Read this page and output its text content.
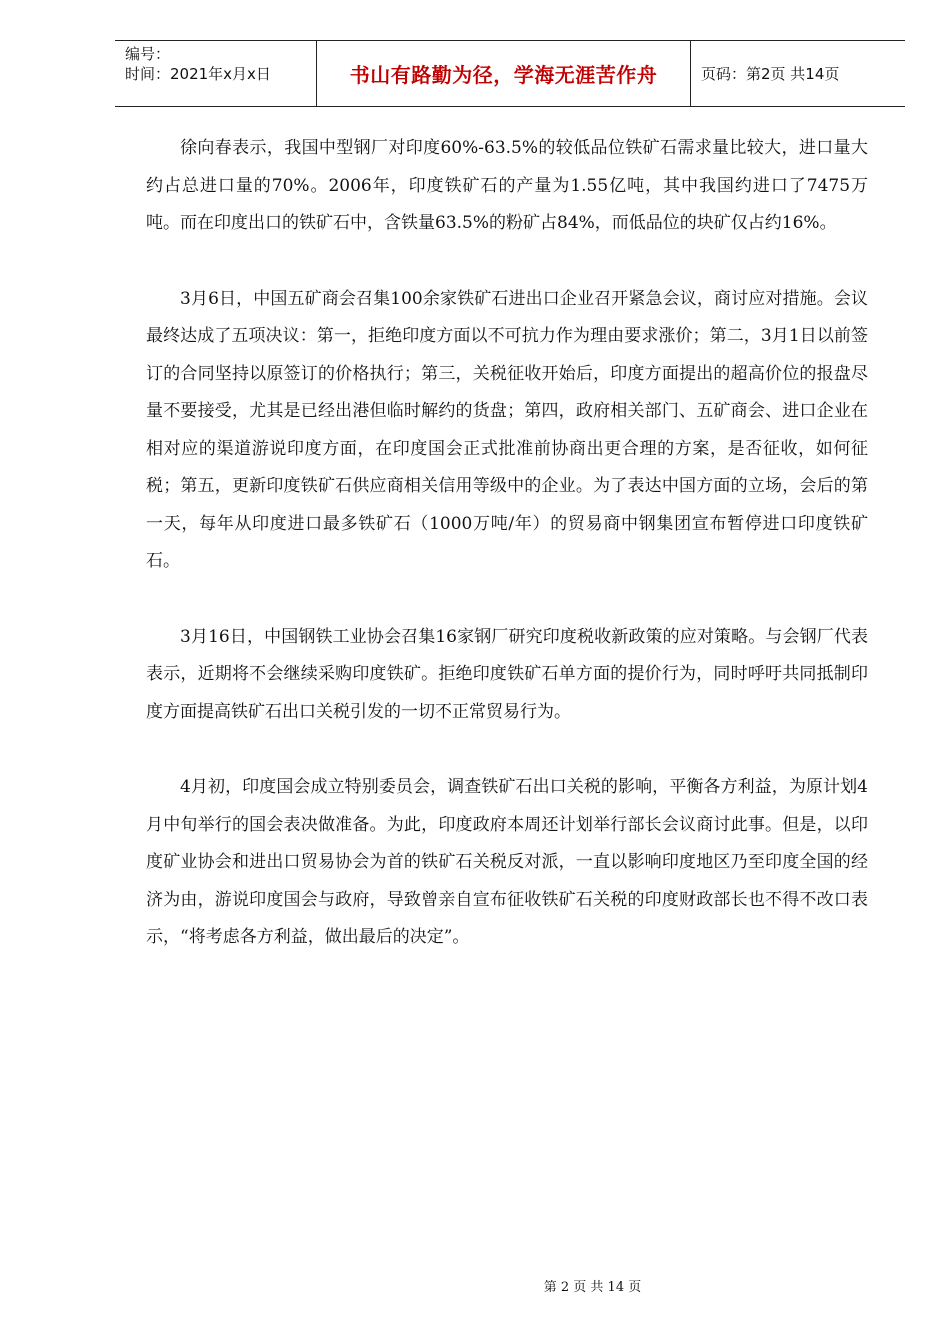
编号：
时间：2021年x月x日	书山有路勤为径，学海无涯苦作舟	页码：第2页 共14页

徐向春表示，我国中型钢厂对印度60%-63.5%的较低品位铁矿石需求量比较大，进口量大约占总进口量的70%。2006年，印度铁矿石的产量为1.55亿吨，其中我国约进口了7475万吨。而在印度出口的铁矿石中，含铁量63.5%的粉矿占84%，而低品位的块矿仅占约16%。

3月6日，中国五矿商会召集100余家铁矿石进出口企业召开紧急会议，商讨应对措施。会议最终达成了五项决议：第一，拒绝印度方面以不可抗力作为理由要求涨价；第二，3月1日以前签订的合同坚持以原签订的价格执行；第三，关税征收开始后，印度方面提出的超高价位的报盘尽量不要接受，尤其是已经出港但临时解约的货盘；第四，政府相关部门、五矿商会、进口企业在相对应的渠道游说印度方面，在印度国会正式批准前协商出更合理的方案，是否征收，如何征税；第五，更新印度铁矿石供应商相关信用等级中的企业。为了表达中国方面的立场，会后的第一天，每年从印度进口最多铁矿石（1000万吨/年）的贸易商中钢集团宣布暂停进口印度铁矿石。

3月16日，中国钢铁工业协会召集16家钢厂研究印度税收新政策的应对策略。与会钢厂代表表示，近期将不会继续采购印度铁矿。拒绝印度铁矿石单方面的提价行为，同时呼吁共同抵制印度方面提高铁矿石出口关税引发的一切不正常贸易行为。

4月初，印度国会成立特别委员会，调查铁矿石出口关税的影响，平衡各方利益，为原计划4月中旬举行的国会表决做准备。为此，印度政府本周还计划举行部长会议商讨此事。但是，以印度矿业协会和进出口贸易协会为首的铁矿石关税反对派，一直以影响印度地区乃至印度全国的经济为由，游说印度国会与政府，导致曾亲自宣布征收铁矿石关税的印度财政部长也不得不改口表示，“将考虑各方利益，做出最后的决定”。

第 2 页 共 14 页
